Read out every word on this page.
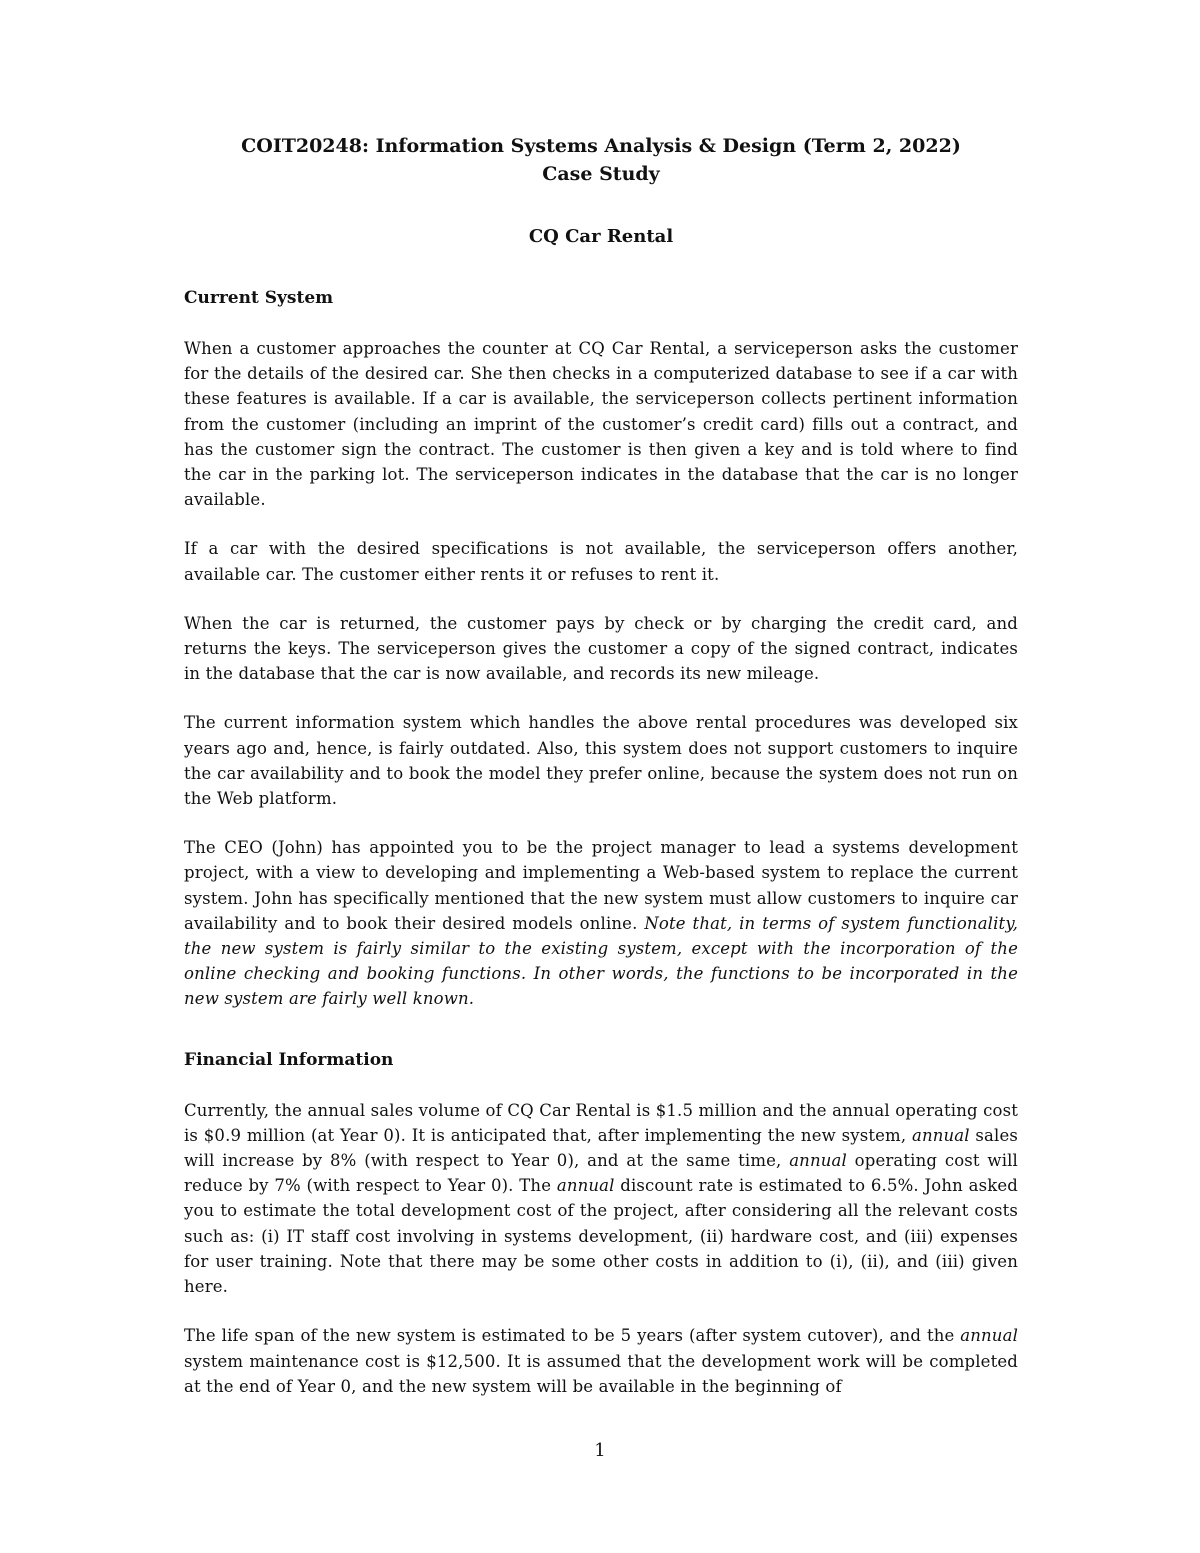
COIT20248: Information Systems Analysis & Design (Term 2, 2022)
Case Study
CQ Car Rental
Current System

When a customer approaches the counter at CQ Car Rental, a serviceperson asks the customer for the details of the desired car. She then checks in a computerized database to see if a car with these features is available. If a car is available, the serviceperson collects pertinent information from the customer (including an imprint of the customer’s credit card) fills out a contract, and has the customer sign the contract. The customer is then given a key and is told where to find the car in the parking lot. The serviceperson indicates in the database that the car is no longer available.

If a car with the desired specifications is not available, the serviceperson offers another, available car. The customer either rents it or refuses to rent it.

When the car is returned, the customer pays by check or by charging the credit card, and returns the keys. The serviceperson gives the customer a copy of the signed contract, indicates in the database that the car is now available, and records its new mileage.

The current information system which handles the above rental procedures was developed six years ago and, hence, is fairly outdated. Also, this system does not support customers to inquire the car availability and to book the model they prefer online, because the system does not run on the Web platform.

The CEO (John) has appointed you to be the project manager to lead a systems development project, with a view to developing and implementing a Web-based system to replace the current system. John has specifically mentioned that the new system must allow customers to inquire car availability and to book their desired models online. Note that, in terms of system functionality, the new system is fairly similar to the existing system, except with the incorporation of the online checking and booking functions. In other words, the functions to be incorporated in the new system are fairly well known.

Financial Information

Currently, the annual sales volume of CQ Car Rental is $1.5 million and the annual operating cost is $0.9 million (at Year 0). It is anticipated that, after implementing the new system, annual sales will increase by 8% (with respect to Year 0), and at the same time, annual operating cost will reduce by 7% (with respect to Year 0). The annual discount rate is estimated to 6.5%. John asked you to estimate the total development cost of the project, after considering all the relevant costs such as: (i) IT staff cost involving in systems development, (ii) hardware cost, and (iii) expenses for user training. Note that there may be some other costs in addition to (i), (ii), and (iii) given here.

The life span of the new system is estimated to be 5 years (after system cutover), and the annual system maintenance cost is $12,500. It is assumed that the development work will be completed at the end of Year 0, and the new system will be available in the beginning of

1
